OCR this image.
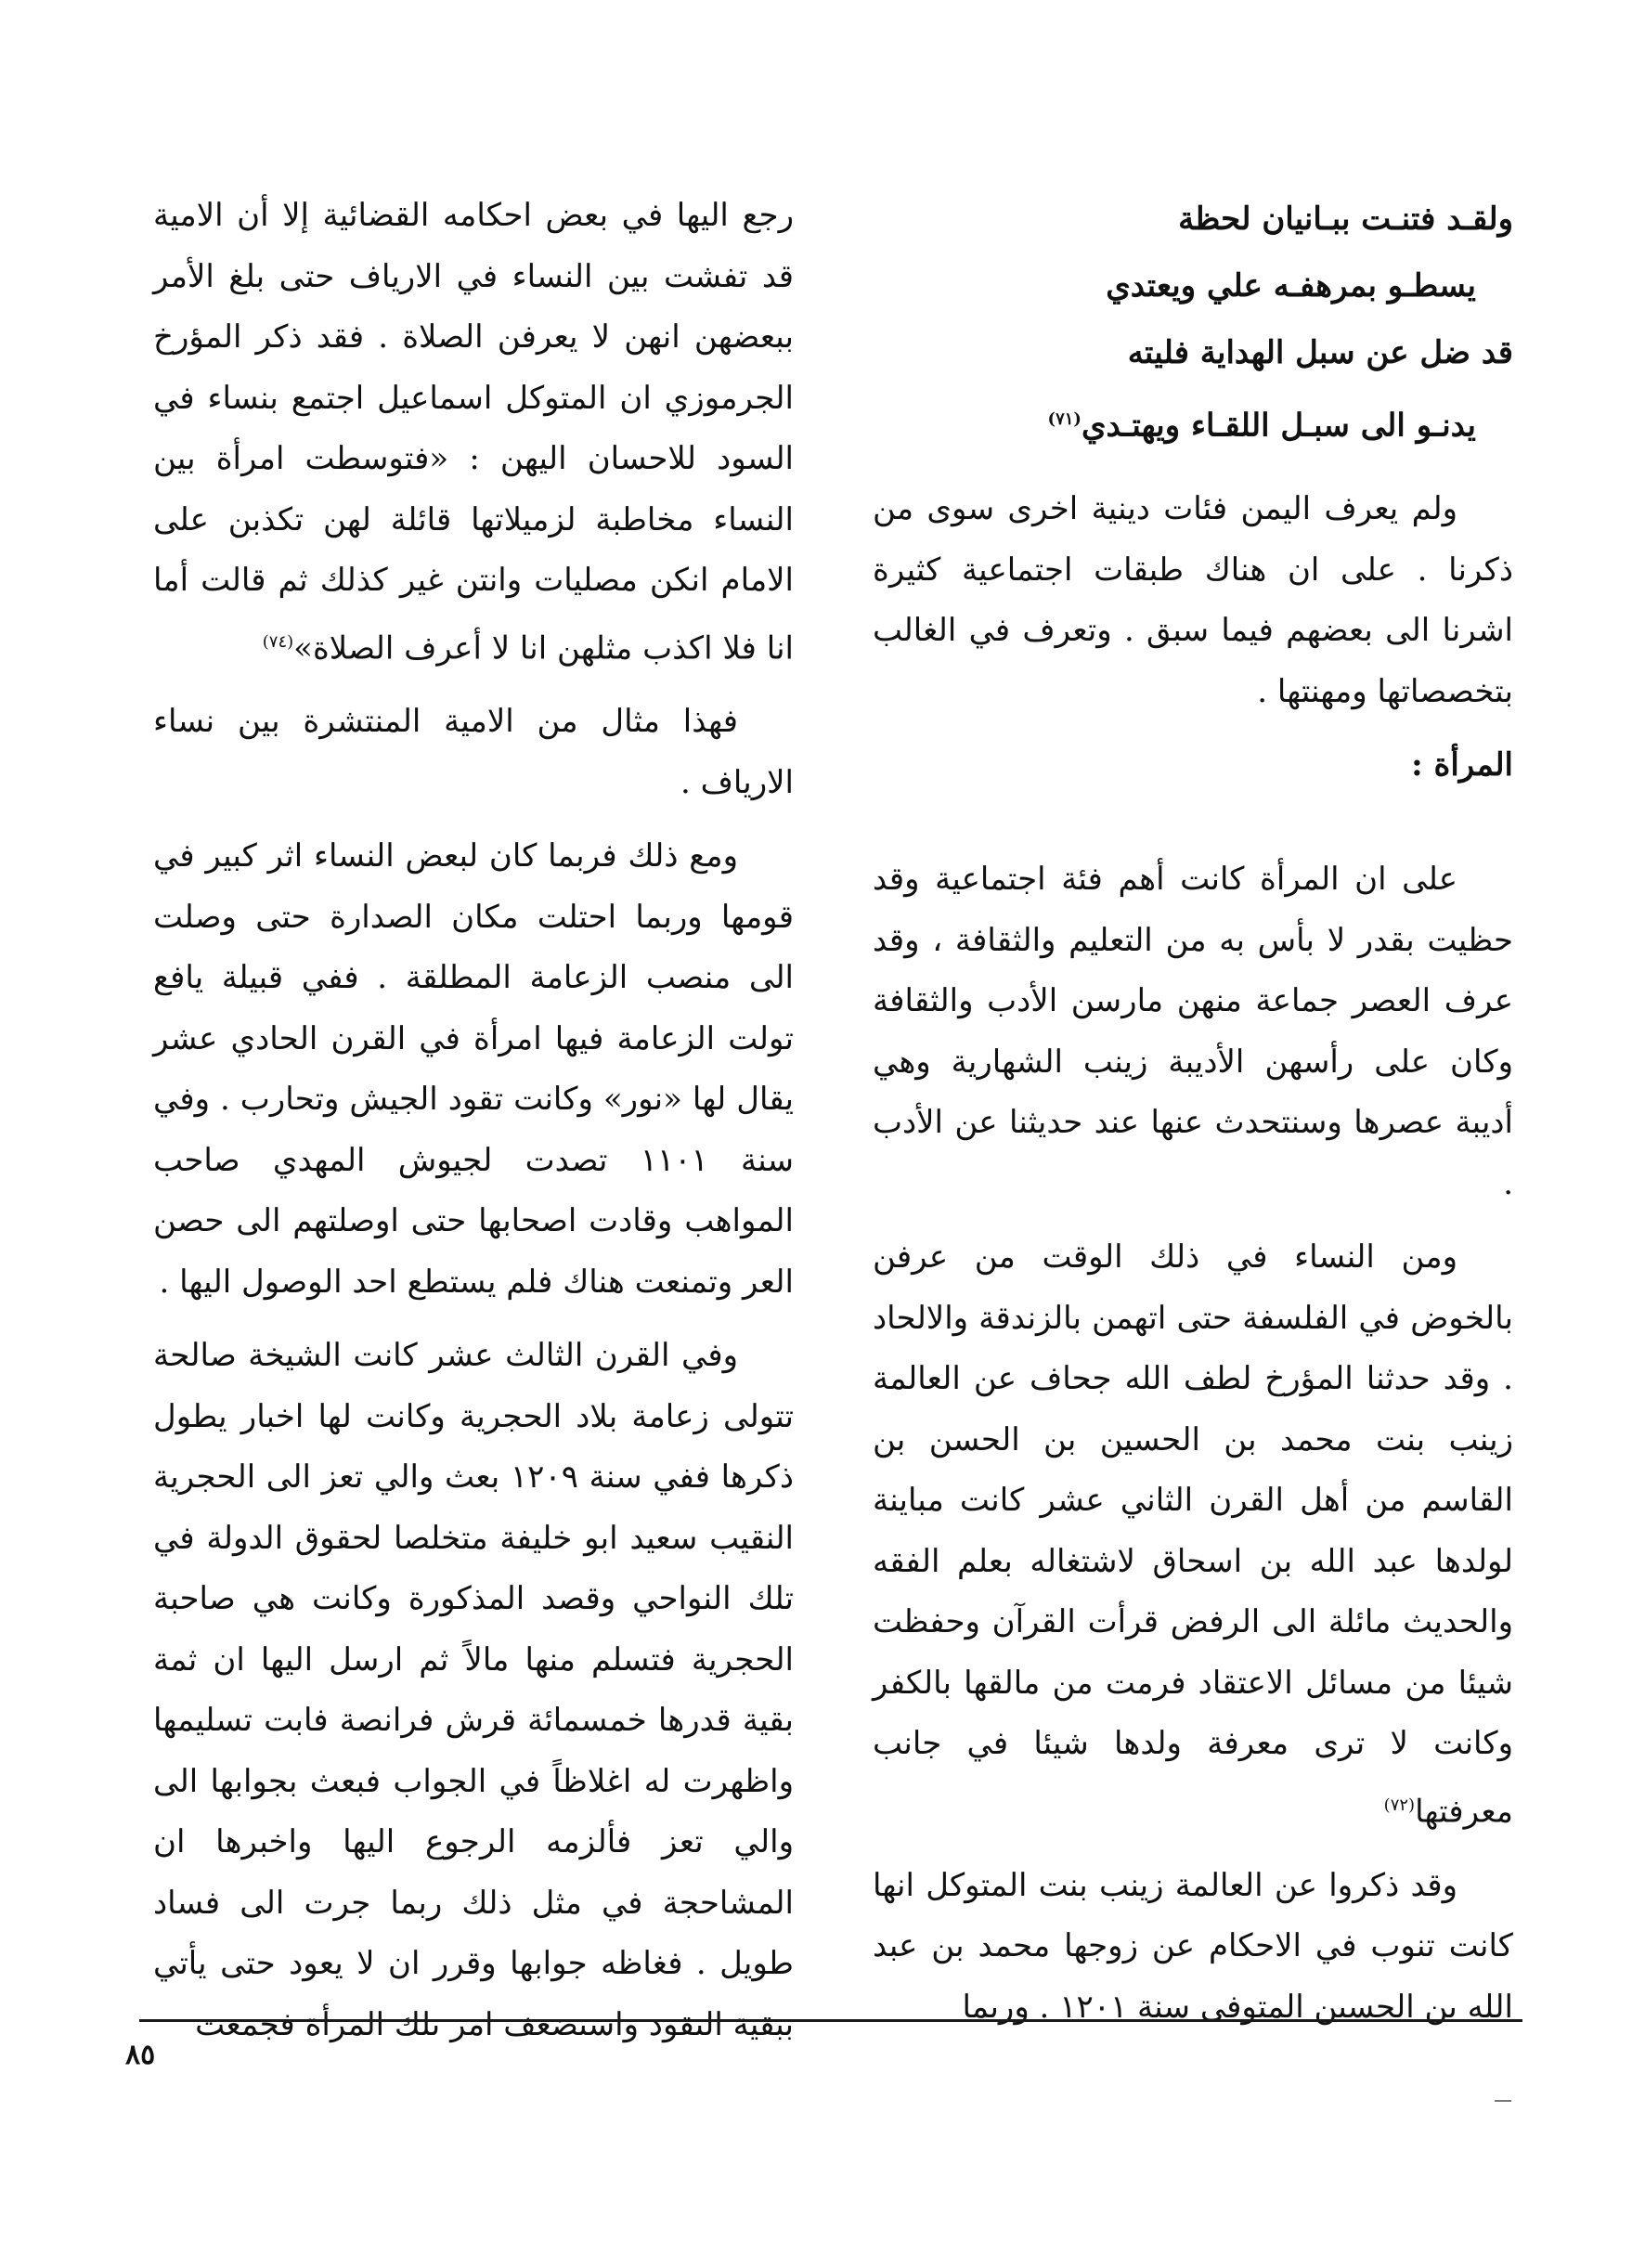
ولقـد فتنـت ببـانيان لحظة

يسطـو بمرهفـه علي ويعتدي

قد ضل عن سبل الهداية فليته

يدنـو الى سبـل اللقـاء ويهتـدي$^{(٧١)}$

ولم يعرف اليمن فئات دينية اخرى سوى من ذكرنا . على ان هناك طبقات اجتماعية كثيرة اشرنا الى بعضهم فيما سبق . وتعرف في الغالب بتخصصاتها ومهنتها .

المرأة :

على ان المرأة كانت أهم فئة اجتماعية وقد حظيت بقدر لا بأس به من التعليم والثقافة ، وقد عرف العصر جماعة منهن مارسن الأدب والثقافة وكان على رأسهن الأديبة زينب الشهارية وهي أديبة عصرها وسنتحدث عنها عند حديثنا عن الأدب .

ومن النساء في ذلك الوقت من عرفن بالخوض في الفلسفة حتى اتهمن بالزندقة والالحاد . وقد حدثنا المؤرخ لطف الله جحاف عن العالمة زينب بنت محمد بن الحسين بن الحسن بن القاسم من أهل القرن الثاني عشر كانت مباينة لولدها عبد الله بن اسحاق لاشتغاله بعلم الفقه والحديث مائلة الى الرفض قرأت القرآن وحفظت شيئا من مسائل الاعتقاد فرمت من مالقها بالكفر وكانت لا ترى معرفة ولدها شيئا في جانب معرفتها$^{(٧٢)}$

وقد ذكروا عن العالمة زينب بنت المتوكل انها كانت تنوب في الاحكام عن زوجها محمد بن عبد الله بن الحسين المتوفى سنة ١٢٠١ . وربما

رجع اليها في بعض احكامه القضائية إلا أن الامية قد تفشت بين النساء في الارياف حتى بلغ الأمر ببعضهن انهن لا يعرفن الصلاة . فقد ذكر المؤرخ الجرموزي ان المتوكل اسماعيل اجتمع بنساء في السود للاحسان اليهن : «فتوسطت امرأة بين النساء مخاطبة لزميلاتها قائلة لهن تكذبن على الامام انكن مصليات وانتن غير كذلك ثم قالت أما انا فلا اكذب مثلهن انا لا أعرف الصلاة»$^{(٧٤)}$

فهذا مثال من الامية المنتشرة بين نساء الارياف .

ومع ذلك فربما كان لبعض النساء اثر كبير في قومها وربما احتلت مكان الصدارة حتى وصلت الى منصب الزعامة المطلقة . ففي قبيلة يافع تولت الزعامة فيها امرأة في القرن الحادي عشر يقال لها «نور» وكانت تقود الجيش وتحارب . وفي سنة ١١٠١ تصدت لجيوش المهدي صاحب المواهب وقادت اصحابها حتى اوصلتهم الى حصن العر وتمنعت هناك فلم يستطع احد الوصول اليها .

وفي القرن الثالث عشر كانت الشيخة صالحة تتولى زعامة بلاد الحجرية وكانت لها اخبار يطول ذكرها ففي سنة ١٢٠٩ بعث والي تعز الى الحجرية النقيب سعيد ابو خليفة متخلصا لحقوق الدولة في تلك النواحي وقصد المذكورة وكانت هي صاحبة الحجرية فتسلم منها مالاً ثم ارسل اليها ان ثمة بقية قدرها خمسمائة قرش فرانصة فابت تسليمها واظهرت له اغلاظاً في الجواب فبعث بجوابها الى والي تعز فألزمه الرجوع اليها واخبرها ان المشاحجة في مثل ذلك ربما جرت الى فساد طويل . فغاظه جوابها وقرر ان لا يعود حتى يأتي ببقية النقود واستضعف امر تلك المرأة فجمعت

٨٥
